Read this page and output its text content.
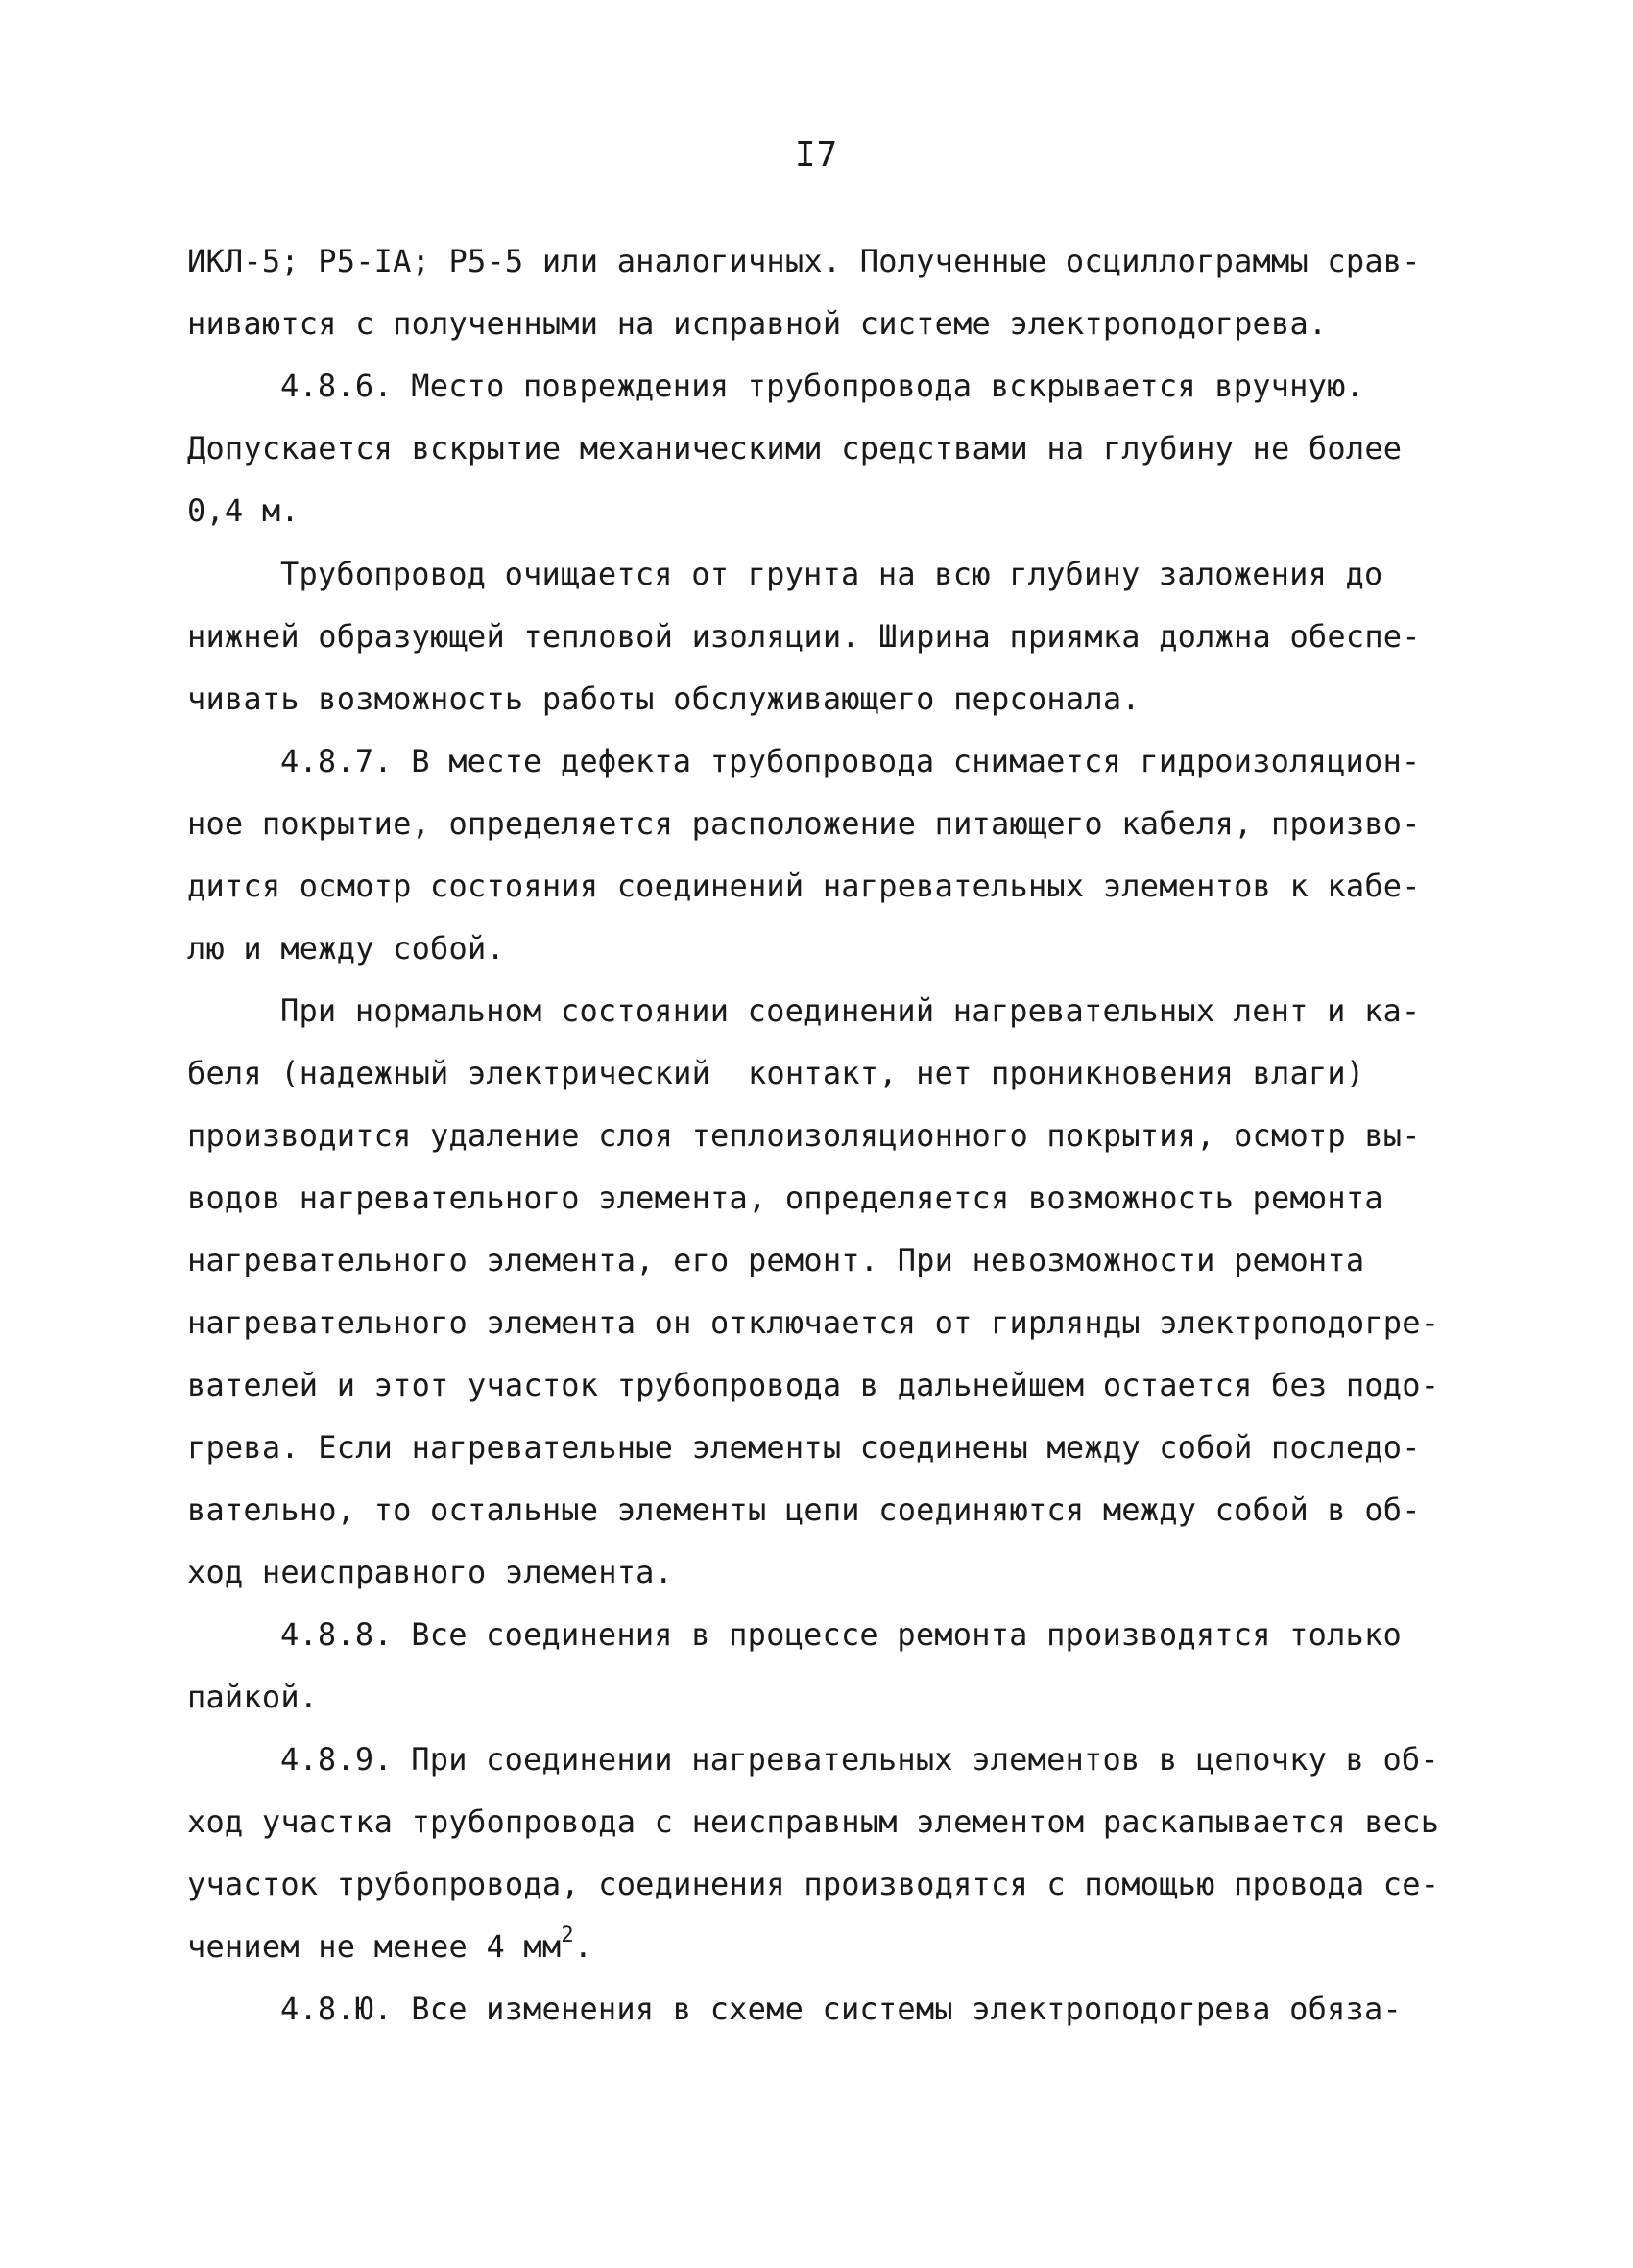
I7
ИКЛ-5; Р5-IА; Р5-5 или аналогичных. Полученные осциллограммы срав-
ниваются с полученными на исправной системе электроподогрева.
4.8.6. Место повреждения трубопровода вскрывается вручную.
Допускается вскрытие механическими средствами на глубину не более
0,4 м.
Трубопровод очищается от грунта на всю глубину заложения до
нижней образующей тепловой изоляции. Ширина приямка должна обеспе-
чивать возможность работы обслуживающего персонала.
4.8.7. В месте дефекта трубопровода снимается гидроизоляцион-
ное покрытие, определяется расположение питающего кабеля, произво-
дится осмотр состояния соединений нагревательных элементов к кабе-
лю и между собой.
При нормальном состоянии соединений нагревательных лент и ка-
беля (надежный электрический  контакт, нет проникновения влаги)
производится удаление слоя теплоизоляционного покрытия, осмотр вы-
водов нагревательного элемента, определяется возможность ремонта
нагревательного элемента, его ремонт. При невозможности ремонта
нагревательного элемента он отключается от гирлянды электроподогре-
вателей и этот участок трубопровода в дальнейшем остается без подо-
грева. Если нагревательные элементы соединены между собой последо-
вательно, то остальные элементы цепи соединяются между собой в об-
ход неисправного элемента.
4.8.8. Все соединения в процессе ремонта производятся только
пайкой.
4.8.9. При соединении нагревательных элементов в цепочку в об-
ход участка трубопровода с неисправным элементом раскапывается весь
участок трубопровода, соединения производятся с помощью провода се-
чением не менее 4 $мм^2$.
4.8.Ю. Все изменения в схеме системы электроподогрева обяза-
